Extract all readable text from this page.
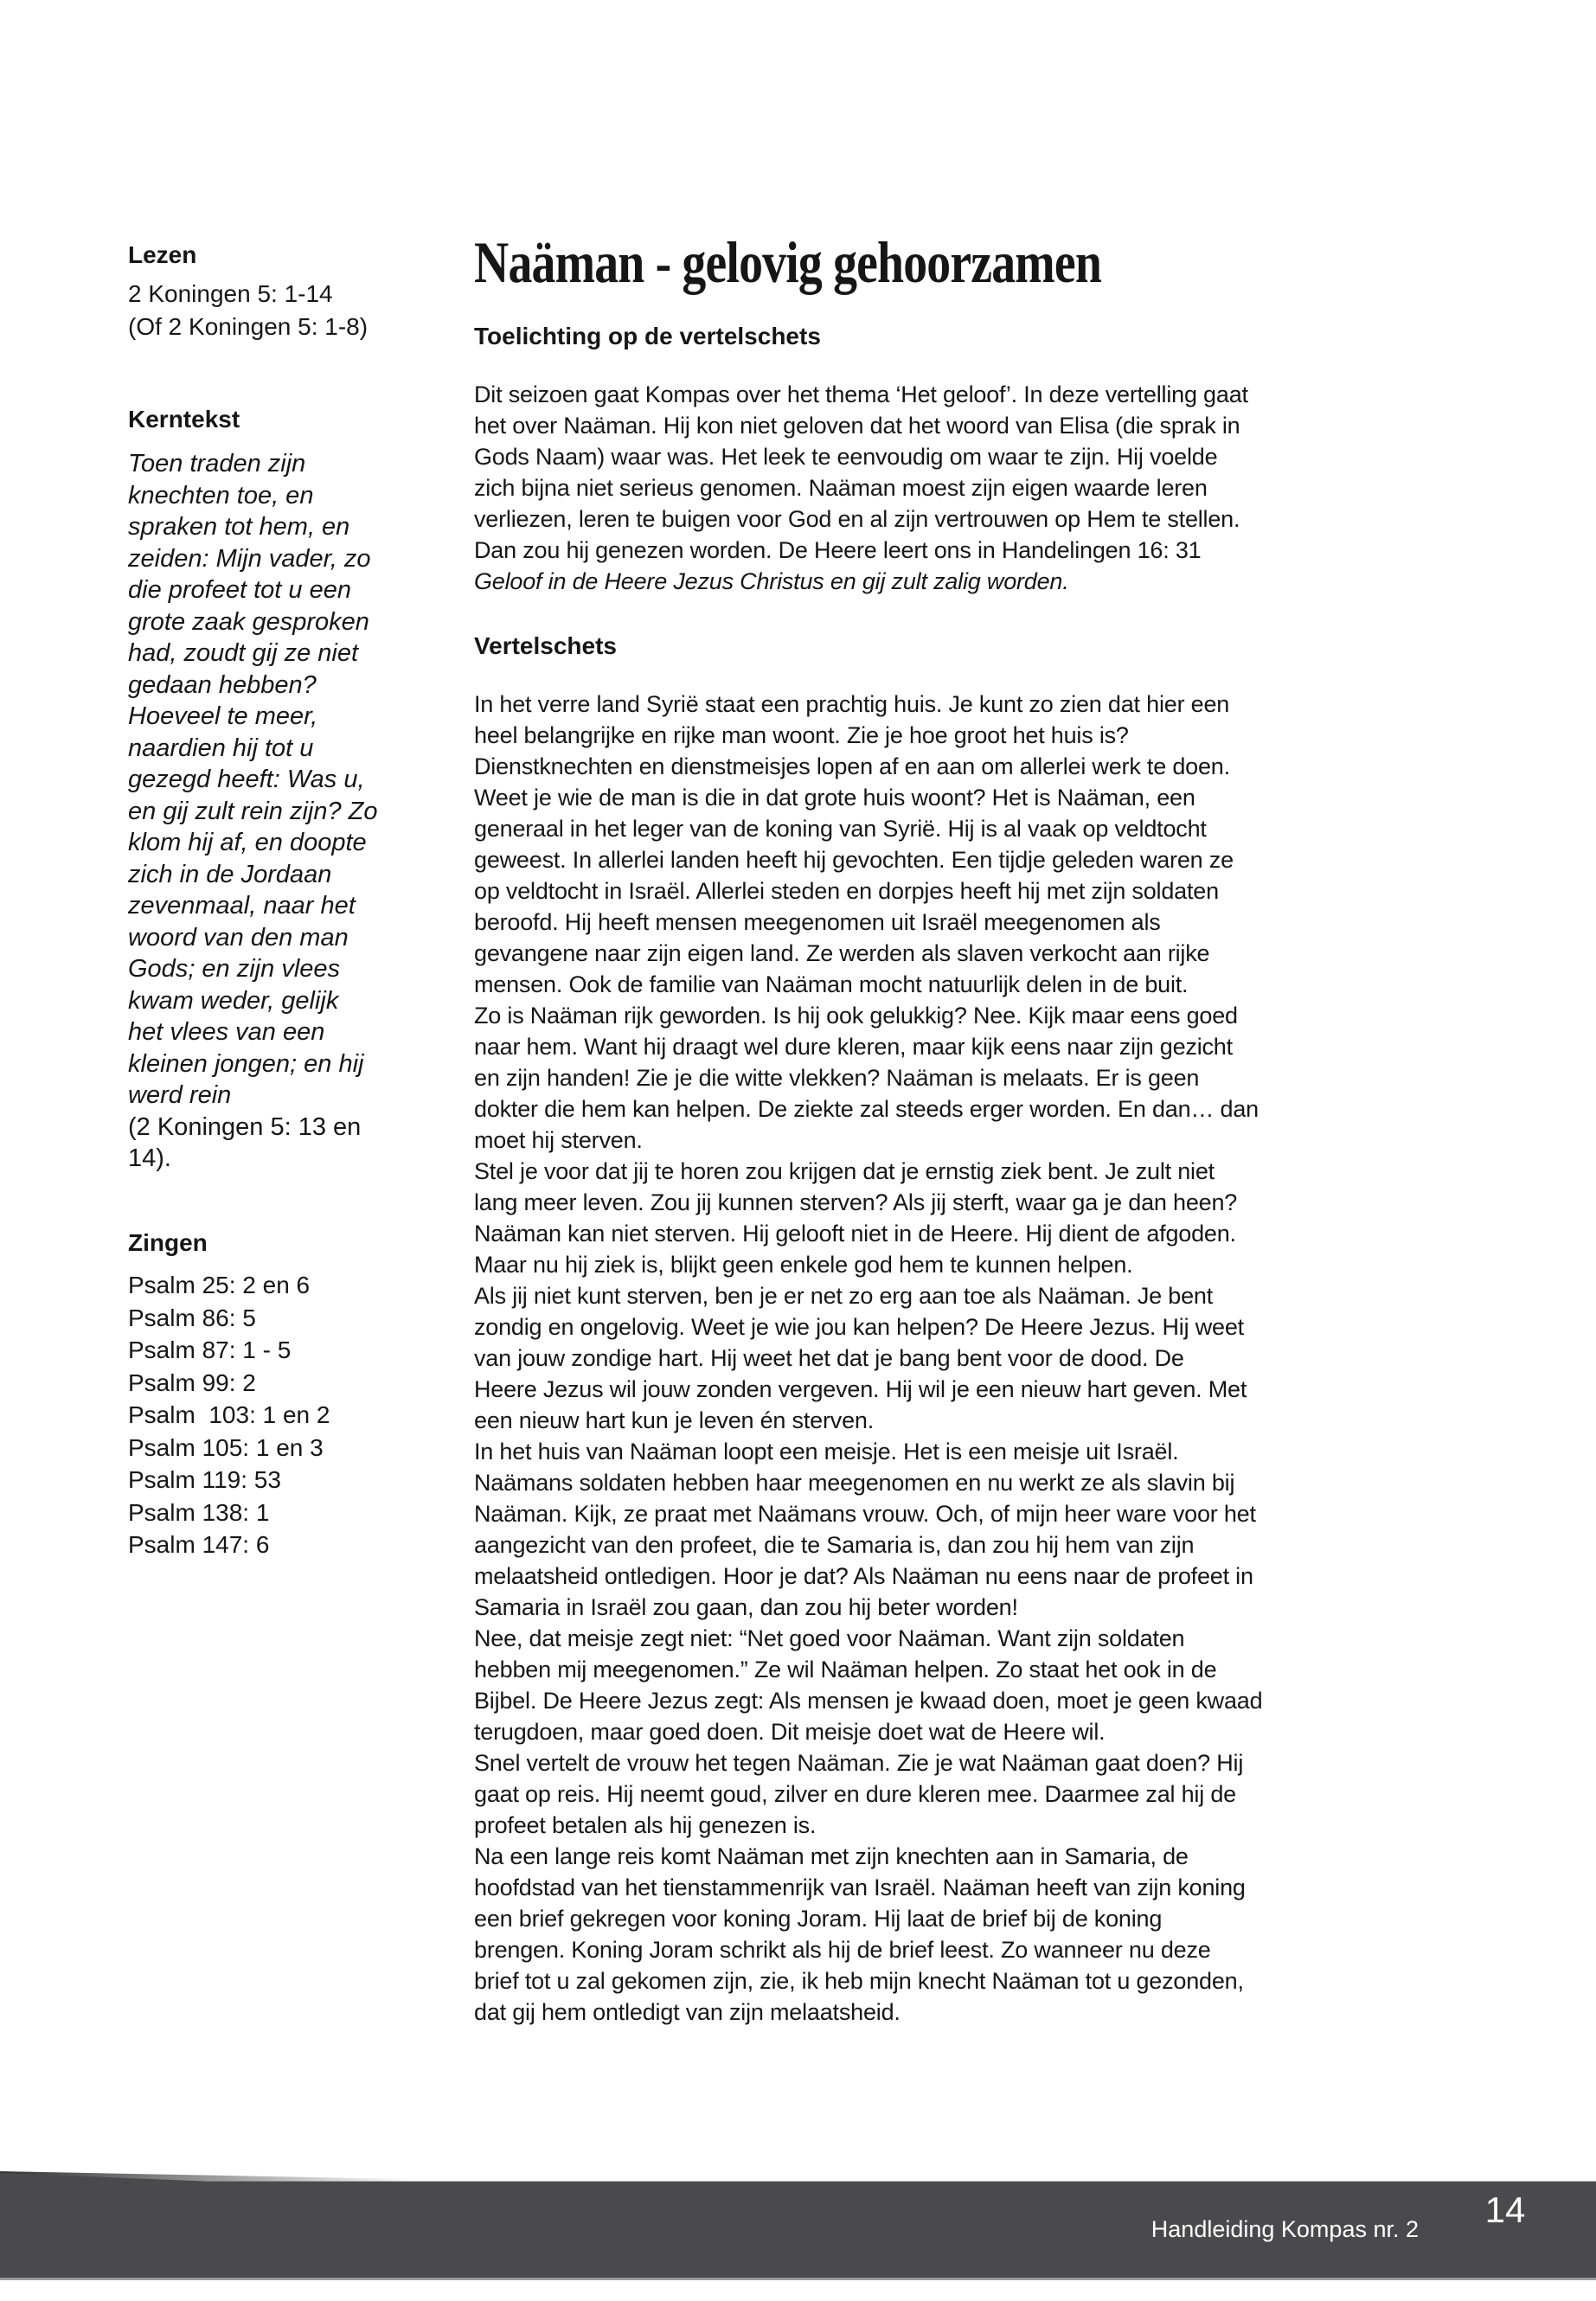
Lezen
2 Koningen 5: 1-14
(Of 2 Koningen 5: 1-8)
Kerntekst
Toen traden zijn
knechten toe, en
spraken tot hem, en
zeiden: Mijn vader, zo
die profeet tot u een
grote zaak gesproken
had, zoudt gij ze niet
gedaan hebben?
Hoeveel te meer,
naardien hij tot u
gezegd heeft: Was u,
en gij zult rein zijn? Zo
klom hij af, en doopte
zich in de Jordaan
zevenmaal, naar het
woord van den man
Gods; en zijn vlees
kwam weder, gelijk
het vlees van een
kleinen jongen; en hij
werd rein
(2 Koningen 5: 13 en
14).
Zingen
Psalm 25: 2 en 6
Psalm 86: 5
Psalm 87: 1 - 5
Psalm 99: 2
Psalm  103: 1 en 2
Psalm 105: 1 en 3
Psalm 119: 53
Psalm 138: 1
Psalm 147: 6
Naäman - gelovig gehoorzamen
Toelichting op de vertelschets
Dit seizoen gaat Kompas over het thema ‘Het geloof’. In deze vertelling gaat
het over Naäman. Hij kon niet geloven dat het woord van Elisa (die sprak in
Gods Naam) waar was. Het leek te eenvoudig om waar te zijn. Hij voelde
zich bijna niet serieus genomen. Naäman moest zijn eigen waarde leren
verliezen, leren te buigen voor God en al zijn vertrouwen op Hem te stellen.
Dan zou hij genezen worden. De Heere leert ons in Handelingen 16: 31
Geloof in de Heere Jezus Christus en gij zult zalig worden.
Vertelschets
In het verre land Syrië staat een prachtig huis. Je kunt zo zien dat hier een
heel belangrijke en rijke man woont. Zie je hoe groot het huis is?
Dienstknechten en dienstmeisjes lopen af en aan om allerlei werk te doen.
Weet je wie de man is die in dat grote huis woont? Het is Naäman, een
generaal in het leger van de koning van Syrië. Hij is al vaak op veldtocht
geweest. In allerlei landen heeft hij gevochten. Een tijdje geleden waren ze
op veldtocht in Israël. Allerlei steden en dorpjes heeft hij met zijn soldaten
beroofd. Hij heeft mensen meegenomen uit Israël meegenomen als
gevangene naar zijn eigen land. Ze werden als slaven verkocht aan rijke
mensen. Ook de familie van Naäman mocht natuurlijk delen in de buit.
Zo is Naäman rijk geworden. Is hij ook gelukkig? Nee. Kijk maar eens goed
naar hem. Want hij draagt wel dure kleren, maar kijk eens naar zijn gezicht
en zijn handen! Zie je die witte vlekken? Naäman is melaats. Er is geen
dokter die hem kan helpen. De ziekte zal steeds erger worden. En dan… dan
moet hij sterven.
Stel je voor dat jij te horen zou krijgen dat je ernstig ziek bent. Je zult niet
lang meer leven. Zou jij kunnen sterven? Als jij sterft, waar ga je dan heen?
Naäman kan niet sterven. Hij gelooft niet in de Heere. Hij dient de afgoden.
Maar nu hij ziek is, blijkt geen enkele god hem te kunnen helpen.
Als jij niet kunt sterven, ben je er net zo erg aan toe als Naäman. Je bent
zondig en ongelovig. Weet je wie jou kan helpen? De Heere Jezus. Hij weet
van jouw zondige hart. Hij weet het dat je bang bent voor de dood. De
Heere Jezus wil jouw zonden vergeven. Hij wil je een nieuw hart geven. Met
een nieuw hart kun je leven én sterven.
In het huis van Naäman loopt een meisje. Het is een meisje uit Israël.
Naämans soldaten hebben haar meegenomen en nu werkt ze als slavin bij
Naäman. Kijk, ze praat met Naämans vrouw. Och, of mijn heer ware voor het
aangezicht van den profeet, die te Samaria is, dan zou hij hem van zijn
melaatsheid ontledigen. Hoor je dat? Als Naäman nu eens naar de profeet in
Samaria in Israël zou gaan, dan zou hij beter worden!
Nee, dat meisje zegt niet: “Net goed voor Naäman. Want zijn soldaten
hebben mij meegenomen.” Ze wil Naäman helpen. Zo staat het ook in de
Bijbel. De Heere Jezus zegt: Als mensen je kwaad doen, moet je geen kwaad
terugdoen, maar goed doen. Dit meisje doet wat de Heere wil.
Snel vertelt de vrouw het tegen Naäman. Zie je wat Naäman gaat doen? Hij
gaat op reis. Hij neemt goud, zilver en dure kleren mee. Daarmee zal hij de
profeet betalen als hij genezen is.
Na een lange reis komt Naäman met zijn knechten aan in Samaria, de
hoofdstad van het tienstammenrijk van Israël. Naäman heeft van zijn koning
een brief gekregen voor koning Joram. Hij laat de brief bij de koning
brengen. Koning Joram schrikt als hij de brief leest. Zo wanneer nu deze
brief tot u zal gekomen zijn, zie, ik heb mijn knecht Naäman tot u gezonden,
dat gij hem ontledigt van zijn melaatsheid.
Handleiding Kompas nr. 2	14
